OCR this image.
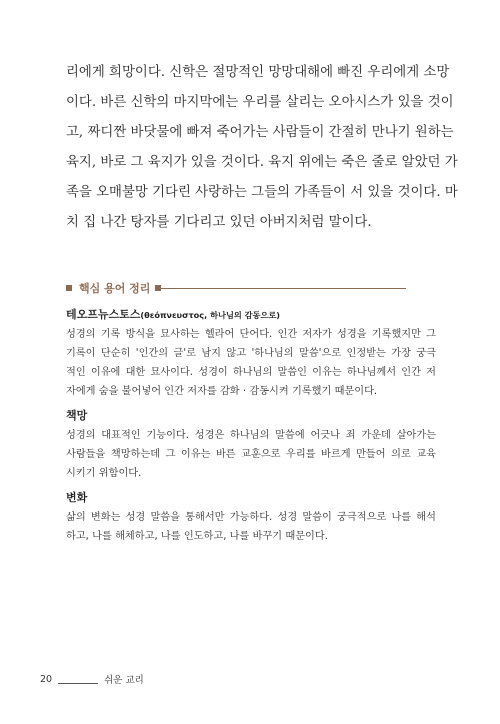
리에게 희망이다. 신학은 절망적인 망망대해에 빠진 우리에게 소망
이다. 바른 신학의 마지막에는 우리를 살리는 오아시스가 있을 것이
고, 짜디짠 바닷물에 빠져 죽어가는 사람들이 간절히 만나기 원하는
육지, 바로 그 육지가 있을 것이다. 육지 위에는 죽은 줄로 알았던 가
족을 오매불망 기다린 사랑하는 그들의 가족들이 서 있을 것이다. 마
치 집 나간 탕자를 기다리고 있던 아버지처럼 말이다.
핵심 용어 정리
테오프뉴스토스(θεόπνευστος, 하나님의 감동으로)
성경의 기록 방식을 묘사하는 헬라어 단어다. 인간 저자가 성경을 기록했지만 그
기록이 단순히 '인간의 글'로 남지 않고 '하나님의 말씀'으로 인정받는 가장 궁극
적인 이유에 대한 묘사이다. 성경이 하나님의 말씀인 이유는 하나님께서 인간 저
자에게 숨을 불어넣어 인간 저자를 감화 · 감동시켜 기록했기 때문이다.
책망
성경의 대표적인 기능이다. 성경은 하나님의 말씀에 어긋나 죄 가운데 살아가는
사람들을 책망하는데 그 이유는 바른 교훈으로 우리를 바르게 만들어 의로 교육
시키기 위함이다.
변화
삶의 변화는 성경 말씀을 통해서만 가능하다. 성경 말씀이 궁극적으로 나를 해석
하고, 나를 해체하고, 나를 인도하고, 나를 바꾸기 때문이다.
20	쉬운 교리
